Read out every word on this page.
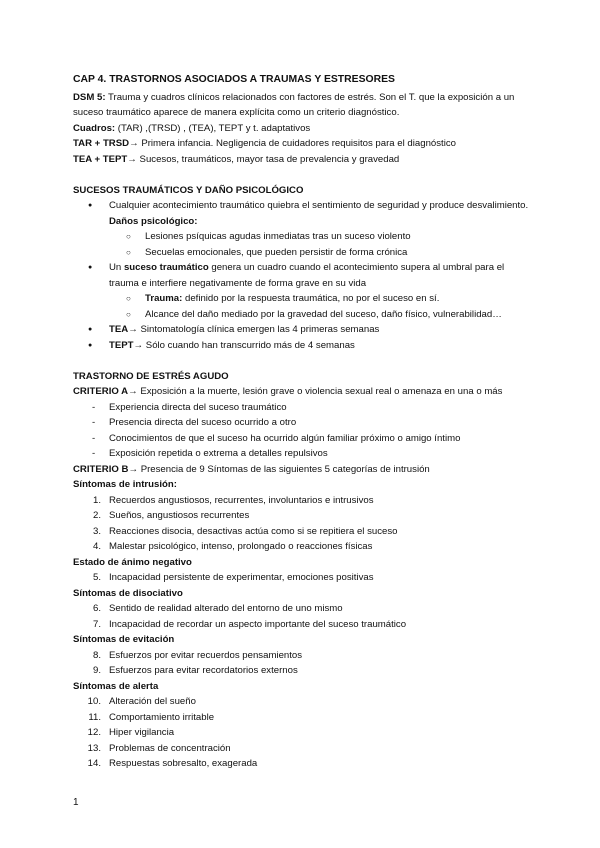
CAP 4. TRASTORNOS ASOCIADOS A TRAUMAS Y ESTRESORES

DSM 5: Trauma y cuadros clínicos relacionados con factores de estrés. Son el T. que la exposición a un suceso traumático aparece de manera explícita como un criterio diagnóstico.

Cuadros: (TAR) ,(TRSD) , (TEA), TEPT y t. adaptativos

TAR + TRSD→ Primera infancia. Negligencia de cuidadores requisitos para el diagnóstico

TEA + TEPT→ Sucesos, traumáticos, mayor tasa de prevalencia y gravedad

SUCESOS TRAUMÁTICOS Y DAÑO PSICOLÓGICO
● Cualquier acontecimiento traumático quiebra el sentimiento de seguridad y produce desvalimiento. Daños psicológico:
○ Lesiones psíquicas agudas inmediatas tras un suceso violento
○ Secuelas emocionales, que pueden persistir de forma crónica
● Un suceso traumático genera un cuadro cuando el acontecimiento supera al umbral para el trauma e interfiere negativamente de forma grave en su vida
○ Trauma: definido por la respuesta traumática, no por el suceso en sí.
○ Alcance del daño mediado por la gravedad del suceso, daño físico, vulnerabilidad…
● TEA→ Sintomatología clínica emergen las 4 primeras semanas
● TEPT→ Sólo cuando han transcurrido más de 4 semanas
TRASTORNO DE ESTRÉS AGUDO

CRITERIO A→ Exposición a la muerte, lesión grave o violencia sexual real o amenaza en una o más

- Experiencia directa del suceso traumático
- Presencia directa del suceso ocurrido a otro
- Conocimientos de que el suceso ha ocurrido algún familiar próximo o amigo íntimo
- Exposición repetida o extrema a detalles repulsivos

CRITERIO B→ Presencia de 9 Síntomas de las siguientes 5 categorías de intrusión

Síntomas de intrusión:
1. Recuerdos angustiosos, recurrentes, involuntarios e intrusivos
2. Sueños, angustiosos recurrentes
3. Reacciones disocia, desactivas actúa como si se repitiera el suceso
4. Malestar psicológico, intenso, prolongado o reacciones físicas
Estado de ánimo negativo
5. Incapacidad persistente de experimentar, emociones positivas
Síntomas de disociativo
6. Sentido de realidad alterado del entorno de uno mismo
7. Incapacidad de recordar un aspecto importante del suceso traumático
Síntomas de evitación
8. Esfuerzos por evitar recuerdos pensamientos
9. Esfuerzos para evitar recordatorios externos
Síntomas de alerta
10. Alteración del sueño
11. Comportamiento irritable
12. Hiper vigilancia
13. Problemas de concentración
14. Respuestas sobresalto, exagerada
1
